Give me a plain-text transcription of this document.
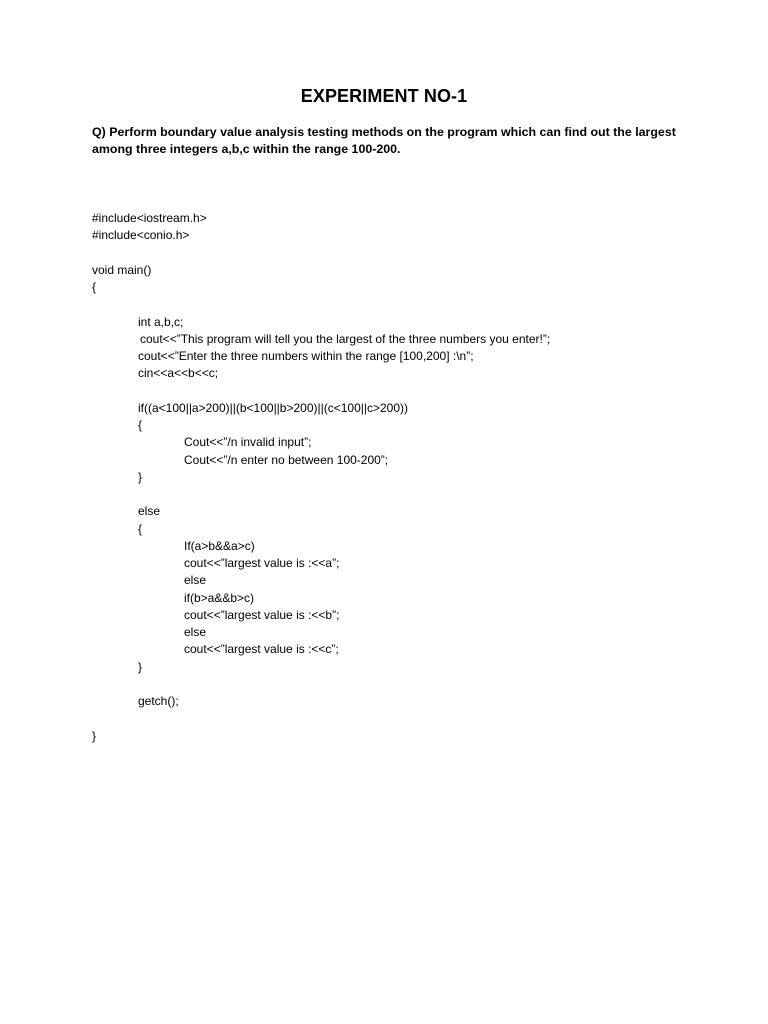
EXPERIMENT NO-1
Q) Perform boundary value analysis testing methods on the program which can find out the largest among three integers a,b,c within the range 100-200.
#include<iostream.h>
#include<conio.h>
void main()
{
int a,b,c;
cout<<”This program will tell you the largest of the three numbers you enter!”;
cout<<”Enter the three numbers within the range [100,200] :\n”;
cin<<a<<b<<c;
if((a<100||a>200)||(b<100||b>200)||(c<100||c>200))
{
Cout<<”/n invalid input”;
Cout<<”/n enter no between 100-200”;
}
else
{
If(a>b&&a>c)
cout<<”largest value is :<<a”;
else
if(b>a&&b>c)
cout<<”largest value is :<<b”;
else
cout<<”largest value is :<<c”;
}
getch();
}
